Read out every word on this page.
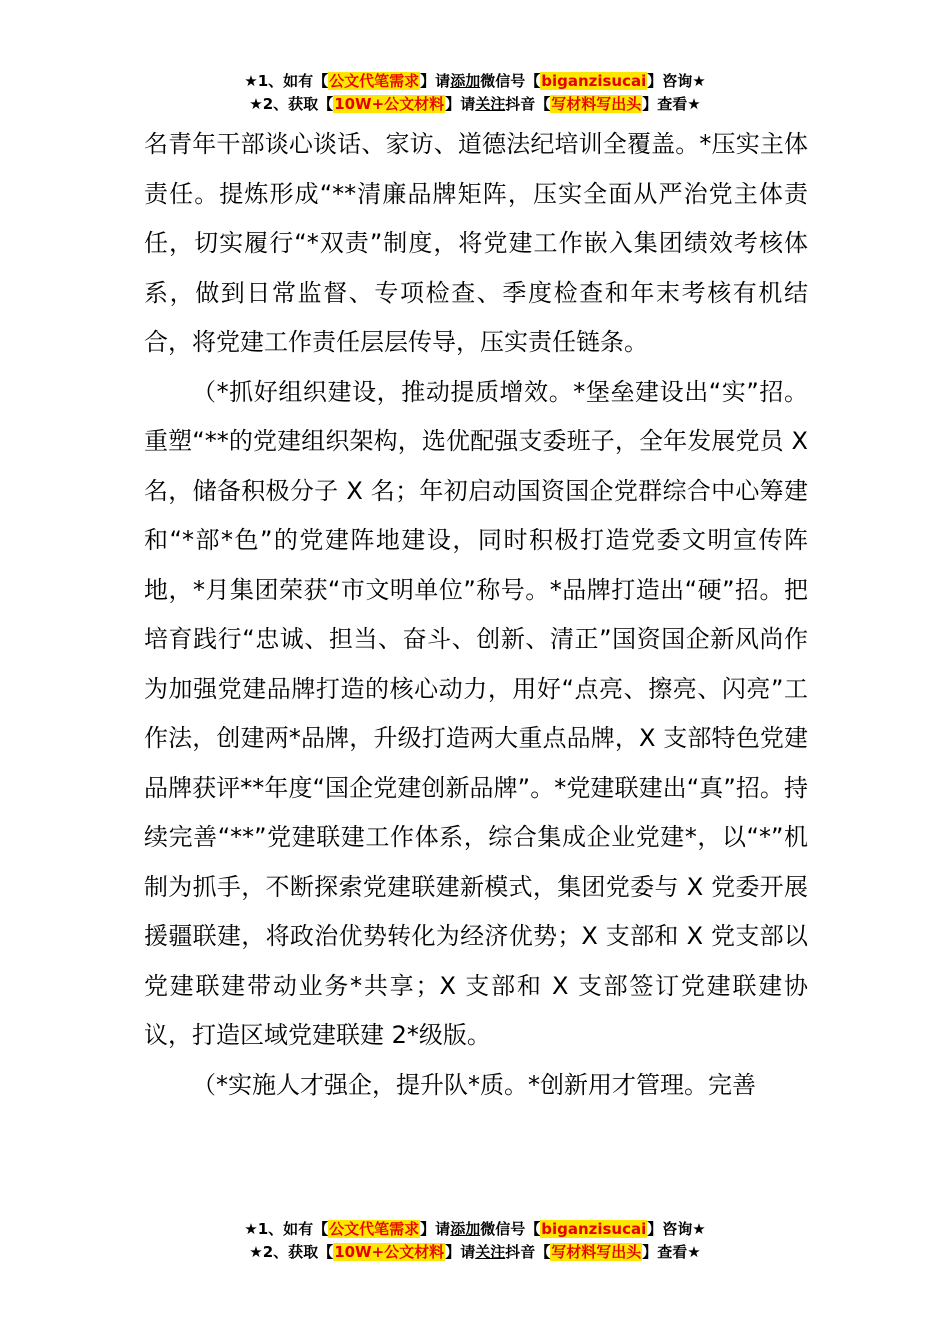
★1、如有【公文代笔需求】请添加微信号【biganzisucai】咨询★
★2、获取【10W+公文材料】请关注抖音【写材料写出头】查看★

名青年干部谈心谈话、家访、道德法纪培训全覆盖。*压实主体责任。提炼形成“**清廉品牌矩阵，压实全面从严治党主体责任，切实履行“*双责”制度，将党建工作嵌入集团绩效考核体系，做到日常监督、专项检查、季度检查和年末考核有机结合，将党建工作责任层层传导，压实责任链条。

（*抓好组织建设，推动提质增效。*堡垒建设出“实”招。重塑“**的党建组织架构，选优配强支委班子，全年发展党员 X 名，储备积极分子 X 名；年初启动国资国企党群综合中心筹建和“*部*色”的党建阵地建设，同时积极打造党委文明宣传阵地，*月集团荣获“市文明单位”称号。*品牌打造出“硬”招。把培育践行“忠诚、担当、奋斗、创新、清正”国资国企新风尚作为加强党建品牌打造的核心动力，用好“点亮、擦亮、闪亮”工作法，创建两*品牌，升级打造两大重点品牌，X 支部特色党建品牌获评**年度“国企党建创新品牌”。*党建联建出“真”招。持续完善“**”党建联建工作体系，综合集成企业党建*，以“*”机制为抓手，不断探索党建联建新模式，集团党委与 X 党委开展援疆联建，将政治优势转化为经济优势；X 支部和 X 党支部以党建联建带动业务*共享；X 支部和 X 支部签订党建联建协议，打造区域党建联建 2*级版。

（*实施人才强企，提升队*质。*创新用才管理。完善

★1、如有【公文代笔需求】请添加微信号【biganzisucai】咨询★
★2、获取【10W+公文材料】请关注抖音【写材料写出头】查看★
